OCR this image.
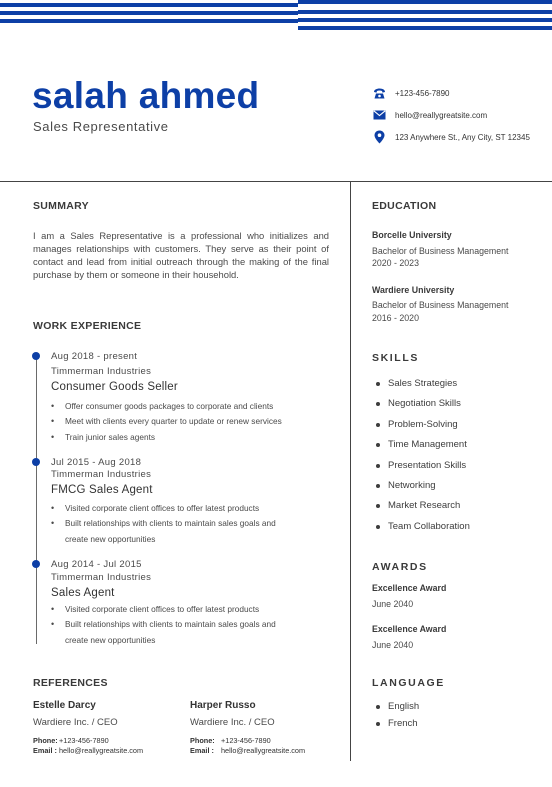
salah ahmed
Sales Representative
+123-456-7890
hello@reallygreatsite.com
123 Anywhere St., Any City, ST 12345
SUMMARY
I am a Sales Representative is a professional who initializes and manages relationships with customers. They serve as their point of contact and lead from initial outreach through the making of the final purchase by them or someone in their household.
WORK EXPERIENCE
Aug 2018 - present
Timmerman Industries
Consumer Goods Seller
• Offer consumer goods packages to corporate and clients
• Meet with clients every quarter to update or renew services
• Train junior sales agents
Jul 2015 - Aug 2018
Timmerman Industries
FMCG Sales Agent
• Visited corporate client offices to offer latest products
• Built relationships with clients to maintain sales goals and
create new opportunities
Aug 2014 - Jul 2015
Timmerman Industries
Sales Agent
• Visited corporate client offices to offer latest products
• Built relationships with clients to maintain sales goals and
create new opportunities
REFERENCES
Estelle Darcy
Wardiere Inc. / CEO
Phone:+123-456-7890
Email : hello@reallygreatsite.com
Harper Russo
Wardiere Inc. / CEO
Phone: +123-456-7890
Email : hello@reallygreatsite.com
EDUCATION
Borcelle University
Bachelor of Business Management
2020 - 2023
Wardiere University
Bachelor of Business Management
2016 - 2020
SKILLS
Sales Strategies
Negotiation Skills
Problem-Solving
Time Management
Presentation Skills
Networking
Market Research
Team Collaboration
AWARDS
Excellence Award
June 2040
Excellence Award
June 2040
LANGUAGE
English
French
